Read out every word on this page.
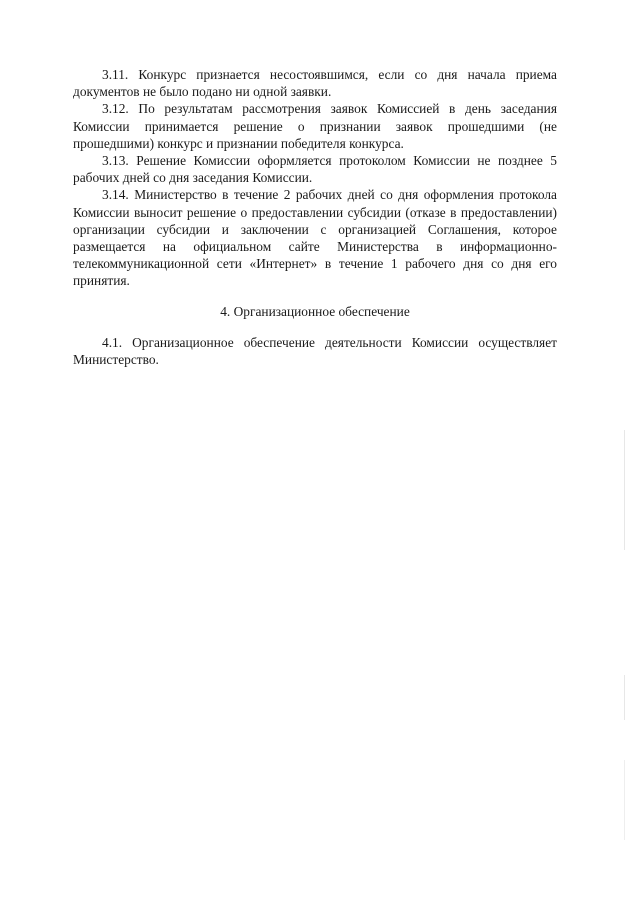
3.11. Конкурс признается несостоявшимся, если со дня начала приема документов не было подано ни одной заявки.

3.12. По результатам рассмотрения заявок Комиссией в день заседания Комиссии принимается решение о признании заявок прошедшими (не прошедшими) конкурс и признании победителя конкурса.

3.13. Решение Комиссии оформляется протоколом Комиссии не позднее 5 рабочих дней со дня заседания Комиссии.

3.14. Министерство в течение 2 рабочих дней со дня оформления протокола Комиссии выносит решение о предоставлении субсидии (отказе в предоставлении) организации субсидии и заключении с организацией Соглашения, которое размещается на официальном сайте Министерства в информационно-телекоммуникационной сети «Интернет» в течение 1 рабочего дня со дня его принятия.

4. Организационное обеспечение

4.1. Организационное обеспечение деятельности Комиссии осуществляет Министерство.
